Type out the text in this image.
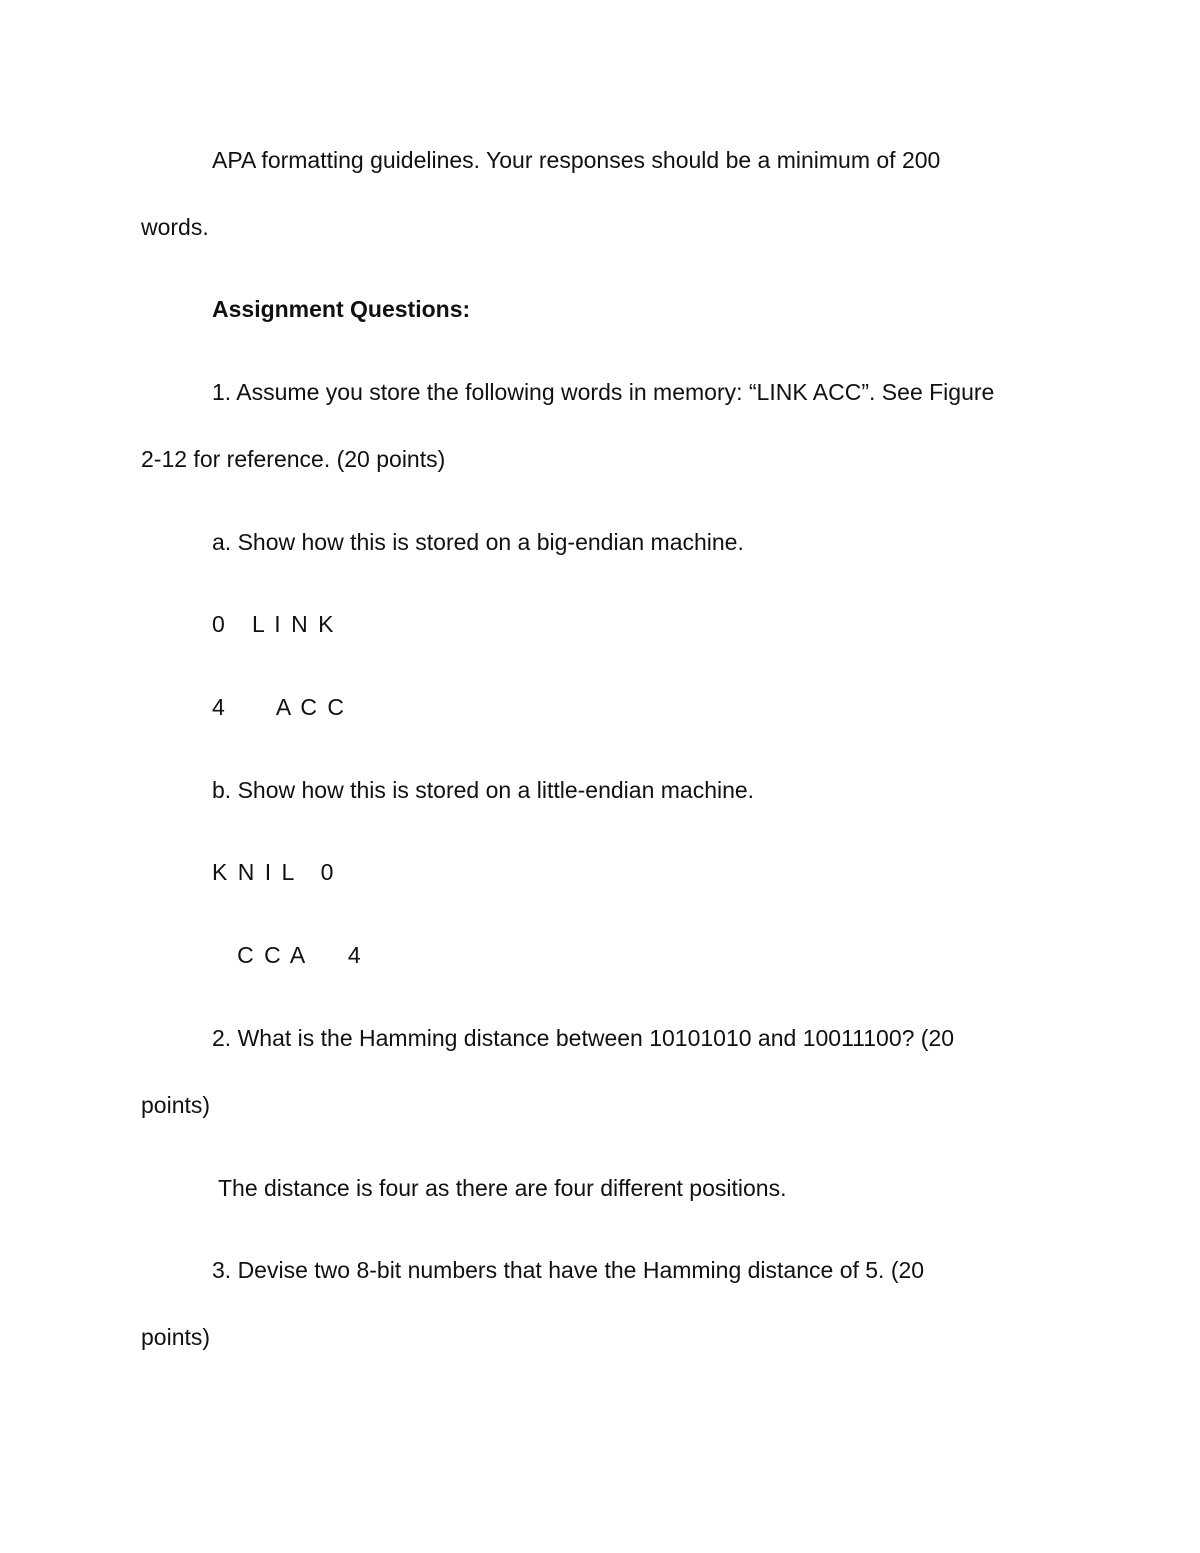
APA formatting guidelines. Your responses should be a minimum of 200

words.

Assignment Questions:

1. Assume you store the following words in memory: “LINK ACC”. See Figure

2-12 for reference. (20 points)

a. Show how this is stored on a big-endian machine.

0   L I N K

4      A C C

b. Show how this is stored on a little-endian machine.

K N I L   0

C C A     4

2. What is the Hamming distance between 10101010 and 10011100? (20

points)

The distance is four as there are four different positions.

3. Devise two 8-bit numbers that have the Hamming distance of 5. (20

points)
